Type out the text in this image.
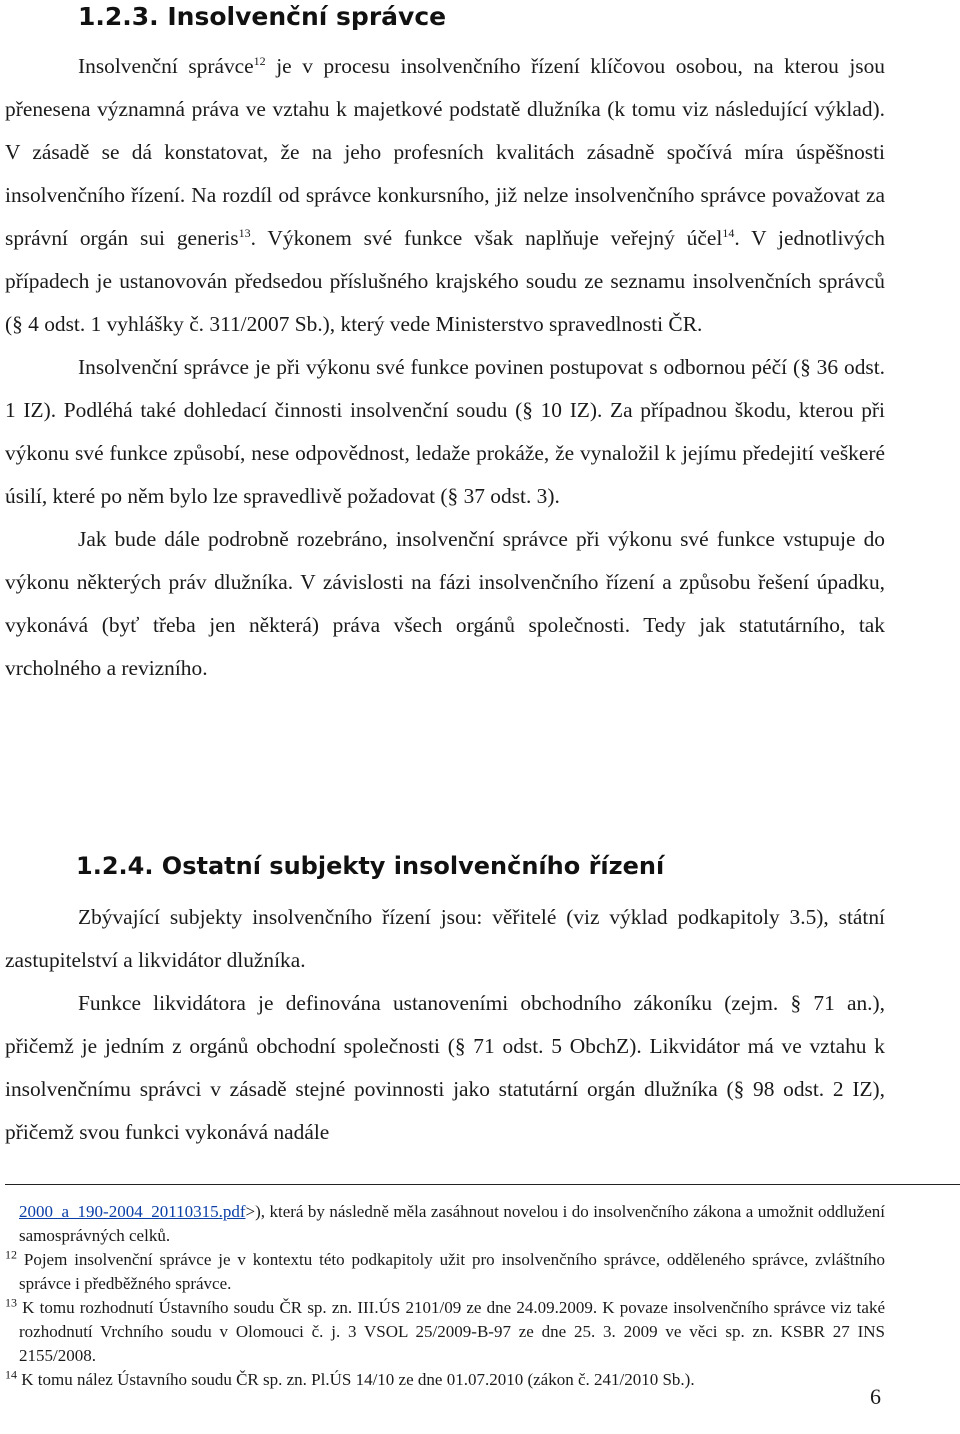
1.2.3. Insolvenční správce

Insolvenční správce$^{12}$ je v procesu insolvenčního řízení klíčovou osobou, na kterou jsou přenesena významná práva ve vztahu k majetkové podstatě dlužníka (k tomu viz následující výklad). V zásadě se dá konstatovat, že na jeho profesních kvalitách zásadně spočívá míra úspěšnosti insolvenčního řízení. Na rozdíl od správce konkursního, již nelze insolvenčního správce považovat za správní orgán sui generis$^{13}$. Výkonem své funkce však naplňuje veřejný účel$^{14}$. V jednotlivých případech je ustanovován předsedou příslušného krajského soudu ze seznamu insolvenčních správců (§ 4 odst. 1 vyhlášky č. 311/2007 Sb.), který vede Ministerstvo spravedlnosti ČR.

Insolvenční správce je při výkonu své funkce povinen postupovat s odbornou péčí (§ 36 odst. 1 IZ). Podléhá také dohledací činnosti insolvenční soudu (§ 10 IZ). Za případnou škodu, kterou při výkonu své funkce způsobí, nese odpovědnost, ledaže prokáže, že vynaložil k jejímu předejití veškeré úsilí, které po něm bylo lze spravedlivě požadovat (§ 37 odst. 3).

Jak bude dále podrobně rozebráno, insolvenční správce při výkonu své funkce vstupuje do výkonu některých práv dlužníka. V závislosti na fázi insolvenčního řízení a způsobu řešení úpadku, vykonává (byť třeba jen některá) práva všech orgánů společnosti. Tedy jak statutárního, tak vrcholného a revizního.

1.2.4. Ostatní subjekty insolvenčního řízení

Zbývající subjekty insolvenčního řízení jsou: věřitelé (viz výklad podkapitoly 3.5), státní zastupitelství a likvidátor dlužníka.

Funkce likvidátora je definována ustanoveními obchodního zákoníku (zejm. § 71 an.), přičemž je jedním z orgánů obchodní společnosti (§ 71 odst. 5 ObchZ). Likvidátor má ve vztahu k insolvenčnímu správci v zásadě stejné povinnosti jako statutární orgán dlužníka (§ 98 odst. 2 IZ), přičemž svou funkci vykonává nadále

2000_a_190-2004_20110315.pdf>), která by následně měla zasáhnout novelou i do insolvenčního zákona a umožnit oddlužení samosprávných celků.

$^{12}$ Pojem insolvenční správce je v kontextu této podkapitoly užit pro insolvenčního správce, odděleného správce, zvláštního správce i předběžného správce.

$^{13}$ K tomu rozhodnutí Ústavního soudu ČR sp. zn. III.ÚS 2101/09 ze dne 24.09.2009. K povaze insolvenčního správce viz také rozhodnutí Vrchního soudu v Olomouci č. j. 3 VSOL 25/2009-B-97 ze dne 25. 3. 2009 ve věci sp. zn. KSBR 27 INS 2155/2008.

$^{14}$ K tomu nález Ústavního soudu ČR sp. zn. Pl.ÚS 14/10 ze dne 01.07.2010 (zákon č. 241/2010 Sb.).

6
